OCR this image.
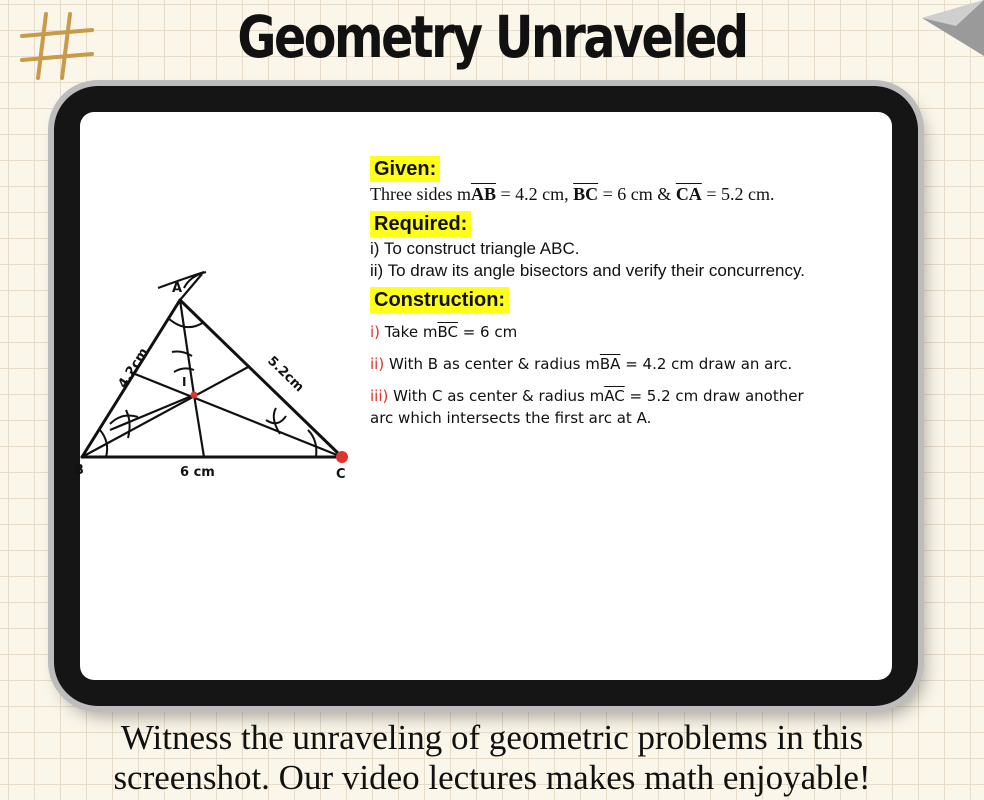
Geometry Unraveled
A
B	C
I
4.2cm	5.2cm
6 cm
Given:

Three sides $m\overline{AB} = 4.2$ cm, $\overline{BC} = 6$ cm & $\overline{CA} = 5.2$ cm.

Required:

i) To construct triangle ABC.

ii) To draw its angle bisectors and verify their concurrency.

Construction:

i) Take $m\overline{BC} = 6$ cm

ii) With B as center & radius $m\overline{BA} = 4.2$ cm draw an arc.

iii) With C as center & radius $m\overline{AC} = 5.2$ cm draw another

arc which intersects the first arc at A.

Witness the unraveling of geometric problems in this
screenshot. Our video lectures makes math enjoyable!
